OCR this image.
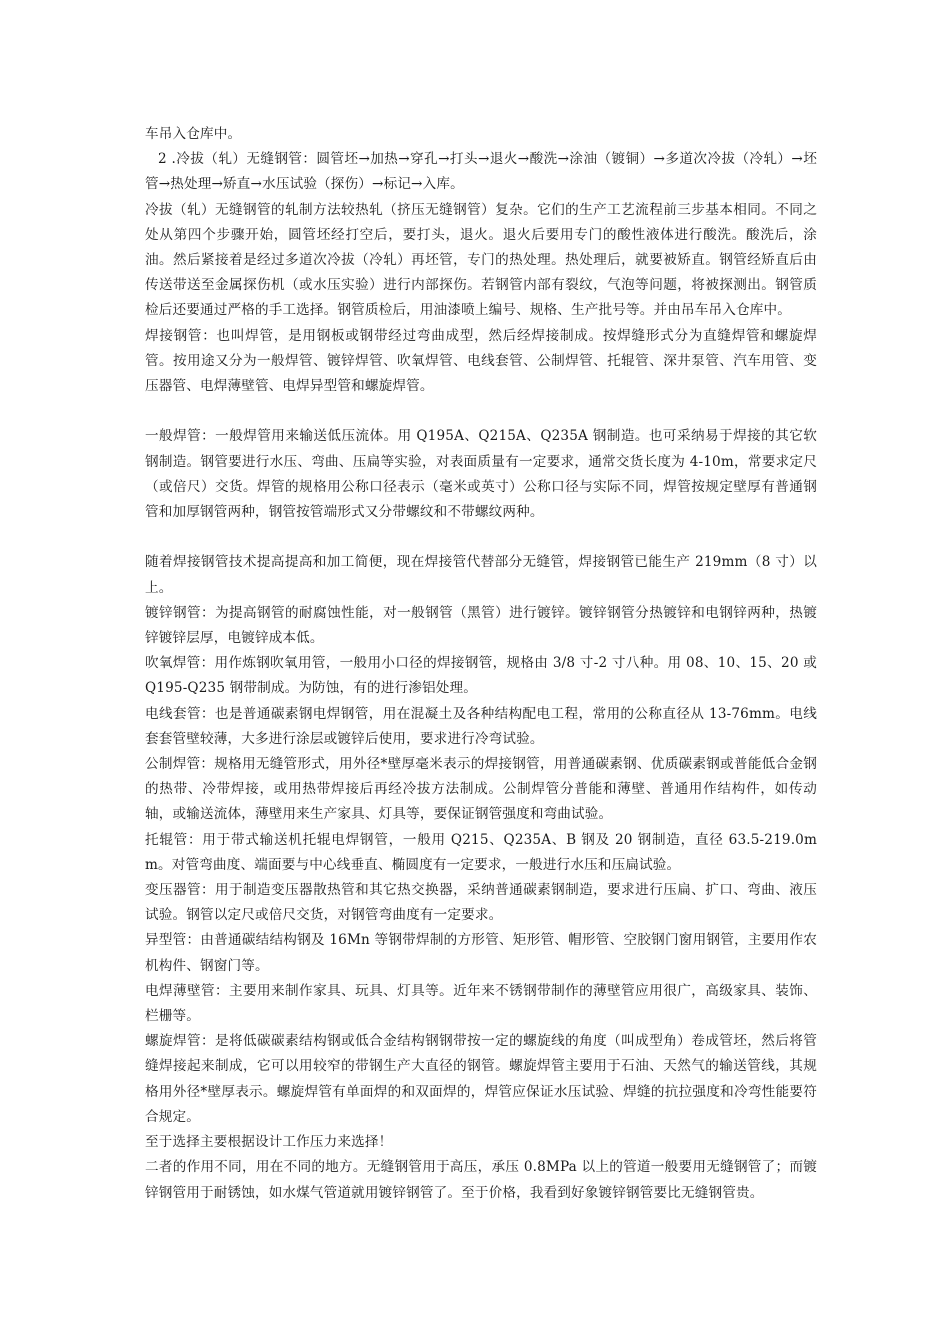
车吊入仓库中。

2 .冷拔（轧）无缝钢管：圆管坯→加热→穿孔→打头→退火→酸洗→涂油（镀铜）→多道次冷拔（冷轧）→坯管→热处理→矫直→水压试验（探伤）→标记→入库。

冷拔（轧）无缝钢管的轧制方法较热轧（挤压无缝钢管）复杂。它们的生产工艺流程前三步基本相同。不同之处从第四个步骤开始，圆管坯经打空后，要打头，退火。退火后要用专门的酸性液体进行酸洗。酸洗后，涂油。然后紧接着是经过多道次冷拔（冷轧）再坯管，专门的热处理。热处理后，就要被矫直。钢管经矫直后由传送带送至金属探伤机（或水压实验）进行内部探伤。若钢管内部有裂纹，气泡等问题，将被探测出。钢管质检后还要通过严格的手工选择。钢管质检后，用油漆喷上编号、规格、生产批号等。并由吊车吊入仓库中。

焊接钢管：也叫焊管，是用钢板或钢带经过弯曲成型，然后经焊接制成。按焊缝形式分为直缝焊管和螺旋焊管。按用途又分为一般焊管、镀锌焊管、吹氧焊管、电线套管、公制焊管、托辊管、深井泵管、汽车用管、变压器管、电焊薄壁管、电焊异型管和螺旋焊管。

一般焊管：一般焊管用来输送低压流体。用 Q195A、Q215A、Q235A 钢制造。也可采纳易于焊接的其它软钢制造。钢管要进行水压、弯曲、压扁等实验，对表面质量有一定要求，通常交货长度为 4-10m，常要求定尺（或倍尺）交货。焊管的规格用公称口径表示（毫米或英寸）公称口径与实际不同，焊管按规定壁厚有普通钢管和加厚钢管两种，钢管按管端形式又分带螺纹和不带螺纹两种。

随着焊接钢管技术提高提高和加工简便，现在焊接管代替部分无缝管，焊接钢管已能生产 219mm（8 寸）以上。

镀锌钢管：为提高钢管的耐腐蚀性能，对一般钢管（黑管）进行镀锌。镀锌钢管分热镀锌和电钢锌两种，热镀锌镀锌层厚，电镀锌成本低。

吹氧焊管：用作炼钢吹氧用管，一般用小口径的焊接钢管，规格由 3/8 寸-2 寸八种。用 08、10、15、20 或 Q195-Q235 钢带制成。为防蚀，有的进行渗铝处理。

电线套管：也是普通碳素钢电焊钢管，用在混凝土及各种结构配电工程，常用的公称直径从 13-76mm。电线套套管壁较薄，大多进行涂层或镀锌后使用，要求进行冷弯试验。

公制焊管：规格用无缝管形式，用外径*壁厚毫米表示的焊接钢管，用普通碳素钢、优质碳素钢或普能低合金钢的热带、冷带焊接，或用热带焊接后再经冷拔方法制成。公制焊管分普能和薄壁、普通用作结构件，如传动轴，或输送流体，薄壁用来生产家具、灯具等，要保证钢管强度和弯曲试验。

托辊管：用于带式输送机托辊电焊钢管，一般用 Q215、Q235A、B 钢及 20 钢制造，直径 63.5-219.0mm。对管弯曲度、端面要与中心线垂直、椭圆度有一定要求，一般进行水压和压扁试验。

变压器管：用于制造变压器散热管和其它热交换器，采纳普通碳素钢制造，要求进行压扁、扩口、弯曲、液压试验。钢管以定尺或倍尺交货，对钢管弯曲度有一定要求。

异型管：由普通碳结结构钢及 16Mn 等钢带焊制的方形管、矩形管、帽形管、空胶钢门窗用钢管，主要用作农机构件、钢窗门等。

电焊薄壁管：主要用来制作家具、玩具、灯具等。近年来不锈钢带制作的薄壁管应用很广，高级家具、装饰、栏栅等。

螺旋焊管：是将低碳碳素结构钢或低合金结构钢钢带按一定的螺旋线的角度（叫成型角）卷成管坯，然后将管缝焊接起来制成，它可以用较窄的带钢生产大直径的钢管。螺旋焊管主要用于石油、天然气的输送管线，其规格用外径*壁厚表示。螺旋焊管有单面焊的和双面焊的，焊管应保证水压试验、焊缝的抗拉强度和冷弯性能要符合规定。

至于选择主要根据设计工作压力来选择！

二者的作用不同，用在不同的地方。无缝钢管用于高压，承压 0.8MPa 以上的管道一般要用无缝钢管了；而镀锌钢管用于耐锈蚀，如水煤气管道就用镀锌钢管了。至于价格，我看到好象镀锌钢管要比无缝钢管贵。
